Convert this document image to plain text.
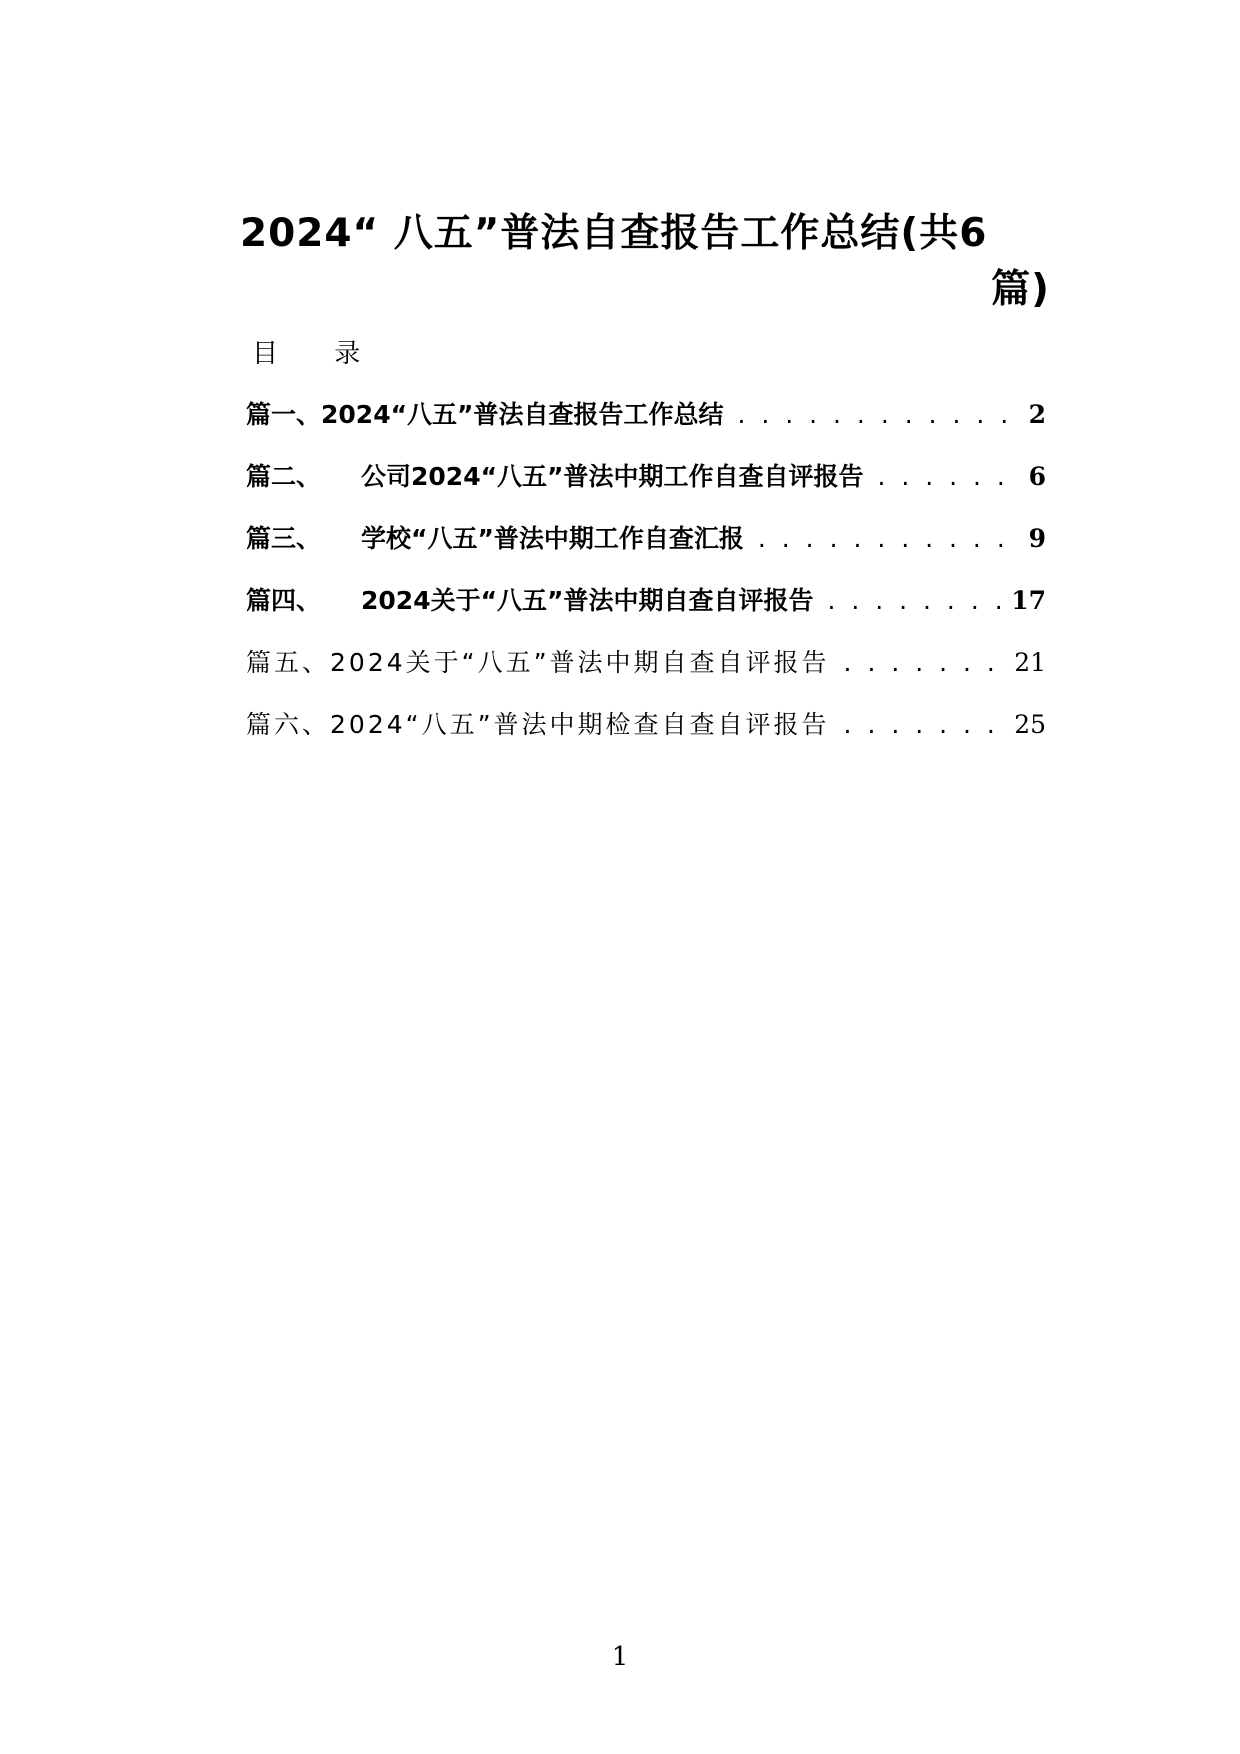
2024“ 八五”普法自查报告工作总结(共6
篇)
目 录
篇一、 2024“八五”普法自查报告工作总结 . . .	2
篇二、 公司2024“八五”普法中期工作自查自评报告 . . .	6
篇三、 学校“八五”普法中期工作自查汇报 . . .	9
篇四、 2024关于“八五”普法中期自查自评报告 . . .	17
篇五、 2024关于“八五”普法中期自查自评报告 . . .	21
篇六、 2024“八五”普法中期检查自查自评报告 . . .	25
1
